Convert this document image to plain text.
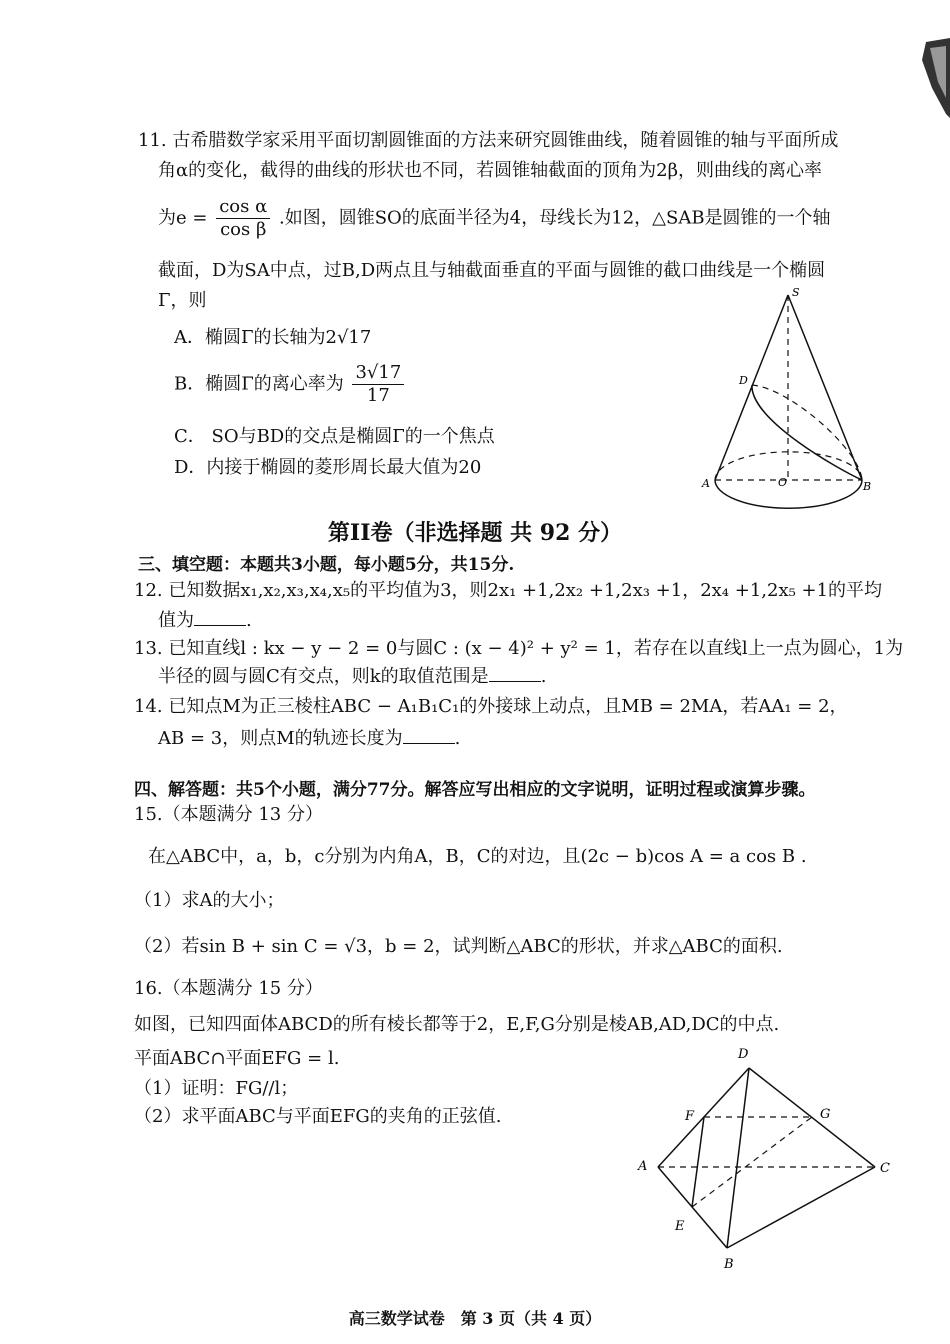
11. 古希腊数学家采用平面切割圆锥面的方法来研究圆锥曲线，随着圆锥的轴与平面所成
角α的变化，截得的曲线的形状也不同，若圆锥轴截面的顶角为2β，则曲线的离心率
为$e = \frac{\text{cos α}}{\text{cos β}}$ .如图，圆锥SO的底面半径为4，母线长为12，△SAB是圆锥的一个轴
截面，D为SA中点，过B,D两点且与轴截面垂直的平面与圆锥的截口曲线是一个椭圆
Γ，则
A．椭圆Γ的长轴为2√17
B．椭圆Γ的离心率为 $\frac{3√17}{17}$
C． SO与BD的交点是椭圆Γ的一个焦点
D．内接于椭圆的菱形周长最大值为20
S
D
A	O	B
第II卷（非选择题 共 92 分）
三、填空题：本题共3小题，每小题5分，共15分.
12. 已知数据x₁,x₂,x₃,x₄,x₅的平均值为3，则2x₁ +1,2x₂ +1,2x₃ +1，2x₄ +1,2x₅ +1的平均
值为	.
13. 已知直线l : kx − y − 2 = 0与圆C : (x − 4)² + y² = 1，若存在以直线l上一点为圆心，1为
半径的圆与圆C有交点，则k的取值范围是	.
14. 已知点M为正三棱柱ABC − A₁B₁C₁的外接球上动点，且MB = 2MA，若AA₁ = 2，
AB = 3，则点M的轨迹长度为	.
四、解答题：共5个小题，满分77分。解答应写出相应的文字说明，证明过程或演算步骤。
15.（本题满分 13 分）
在△ABC中，a，b，c分别为内角A，B，C的对边，且(2c − b)cos A = a cos B .
（1）求A的大小；
（2）若sin B + sin C = √3，b = 2，试判断△ABC的形状，并求△ABC的面积.
16.（本题满分 15 分）
如图，已知四面体ABCD的所有棱长都等于2，E,F,G分别是棱AB,AD,DC的中点.
平面ABC∩平面EFG = l.
（1）证明：FG//l；
（2）求平面ABC与平面EFG的夹角的正弦值.
D
F	G
A	C
E
B
高三数学试卷　第 3 页（共 4 页）
